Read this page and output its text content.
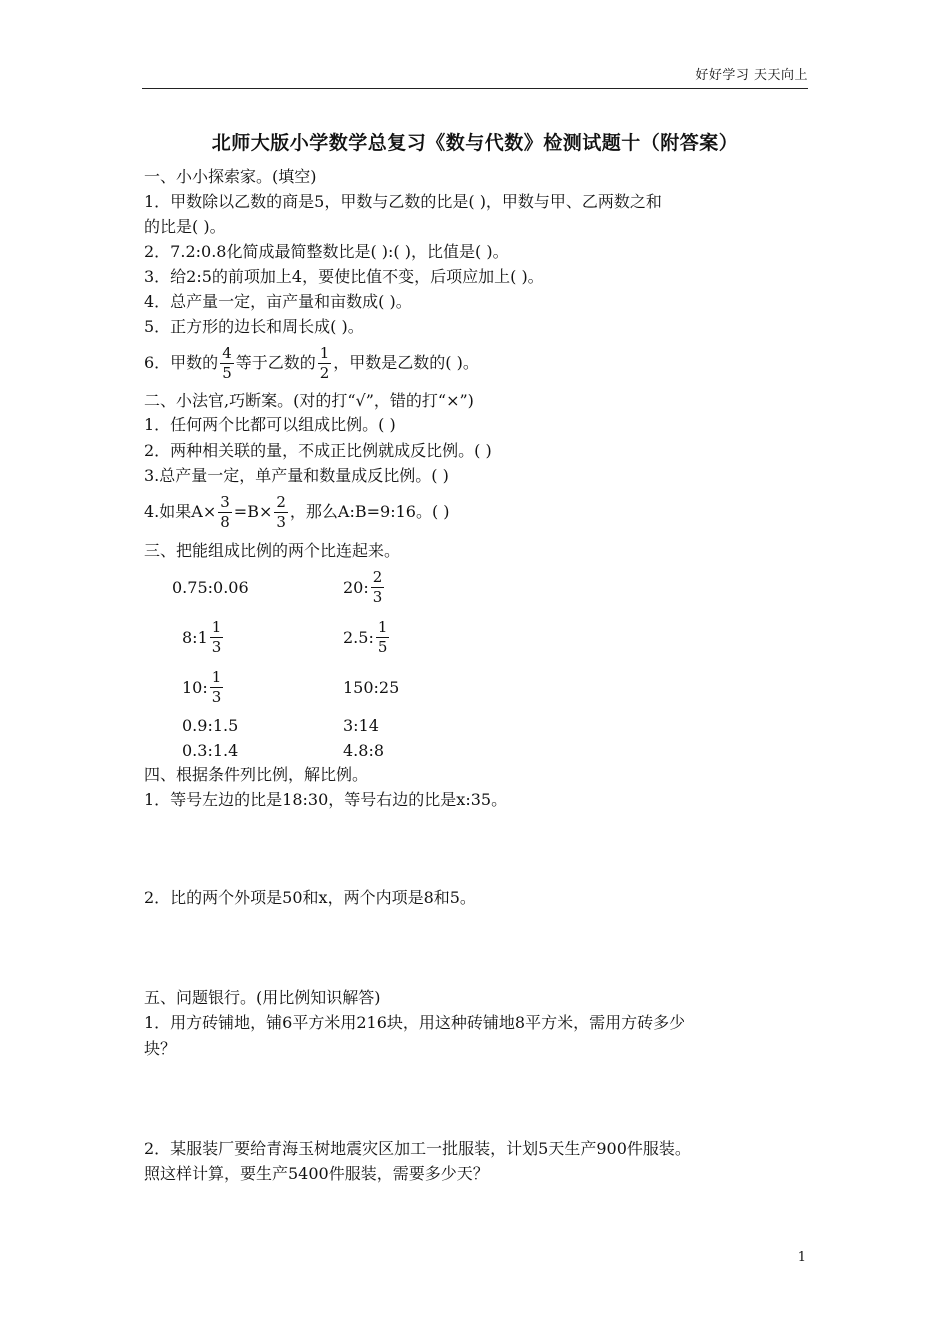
好好学习 天天向上
北师大版小学数学总复习《数与代数》检测试题十（附答案）
一、小小探索家。(填空)
1．甲数除以乙数的商是5，甲数与乙数的比是( )，甲数与甲、乙两数之和
的比是( )。
2．7.2:0.8化简成最简整数比是( ):( )，比值是( )。
3．给2:5的前项加上4，要使比值不变，后项应加上( )。
4．总产量一定，亩产量和亩数成( )。
5．正方形的边长和周长成( )。
6．甲数的 $\frac{4}{5}$ 等于乙数的 $\frac{1}{2}$ ，甲数是乙数的( )。
二、小法官,巧断案。(对的打“√”，错的打“×”)
1．任何两个比都可以组成比例。( )
2．两种相关联的量，不成正比例就成反比例。( )
3.总产量一定，单产量和数量成反比例。( )
4.如果$A\times \frac{3}{8} =B\times \frac{2}{3}$ ，那么A:B=9:16。( )
三、把能组成比例的两个比连起来。
0.75:0.06
8:1 $\frac{1}{3}$
10: $\frac{1}{3}$
0.9:1.5
0.3:1.4
20: $\frac{2}{3}$
2.5: $\frac{1}{5}$
150:25
3:14
4.8:8
四、根据条件列比例，解比例。
1．等号左边的比是18:30，等号右边的比是x:35。
2．比的两个外项是50和x，两个内项是8和5。
五、问题银行。(用比例知识解答)
1．用方砖铺地，铺6平方米用216块，用这种砖铺地8平方米，需用方砖多少
块？
2．某服装厂要给青海玉树地震灾区加工一批服装，计划5天生产900件服装。
照这样计算，要生产5400件服装，需要多少天？
1
